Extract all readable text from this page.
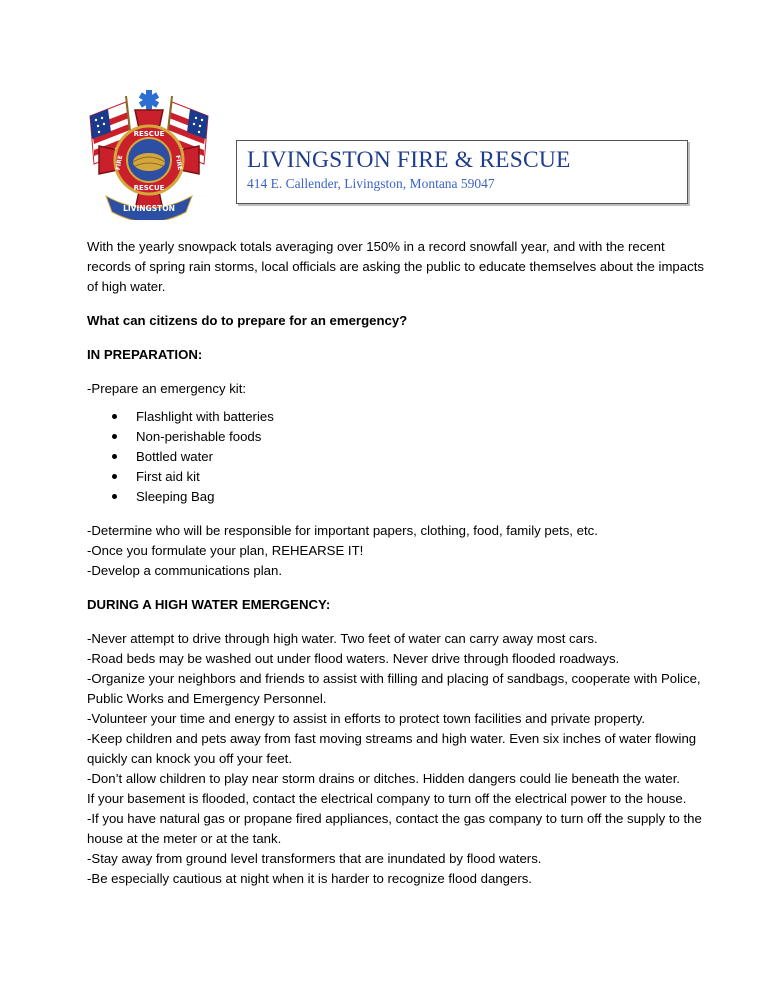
RESCUE
FIRE	FIRE
RESCUE
LIVINGSTON
LIVINGSTON FIRE & RESCUE
414 E. Callender, Livingston, Montana 59047

With the yearly snowpack totals averaging over 150% in a record snowfall year, and with the recent records of spring rain storms, local officials are asking the public to educate themselves about the impacts of high water.

What can citizens do to prepare for an emergency?

IN PREPARATION:

-Prepare an emergency kit:

Flashlight with batteries
Non-perishable foods
Bottled water
First aid kit
Sleeping Bag

-Determine who will be responsible for important papers, clothing, food, family pets, etc.

-Once you formulate your plan, REHEARSE IT!

-Develop a communications plan.

DURING A HIGH WATER EMERGENCY:

-Never attempt to drive through high water. Two feet of water can carry away most cars.

-Road beds may be washed out under flood waters. Never drive through flooded roadways.

-Organize your neighbors and friends to assist with filling and placing of sandbags, cooperate with Police, Public Works and Emergency Personnel.

-Volunteer your time and energy to assist in efforts to protect town facilities and private property.

-Keep children and pets away from fast moving streams and high water. Even six inches of water flowing quickly can knock you off your feet.

-Don’t allow children to play near storm drains or ditches. Hidden dangers could lie beneath the water.

If your basement is flooded, contact the electrical company to turn off the electrical power to the house.

-If you have natural gas or propane fired appliances, contact the gas company to turn off the supply to the house at the meter or at the tank.

-Stay away from ground level transformers that are inundated by flood waters.

-Be especially cautious at night when it is harder to recognize flood dangers.
